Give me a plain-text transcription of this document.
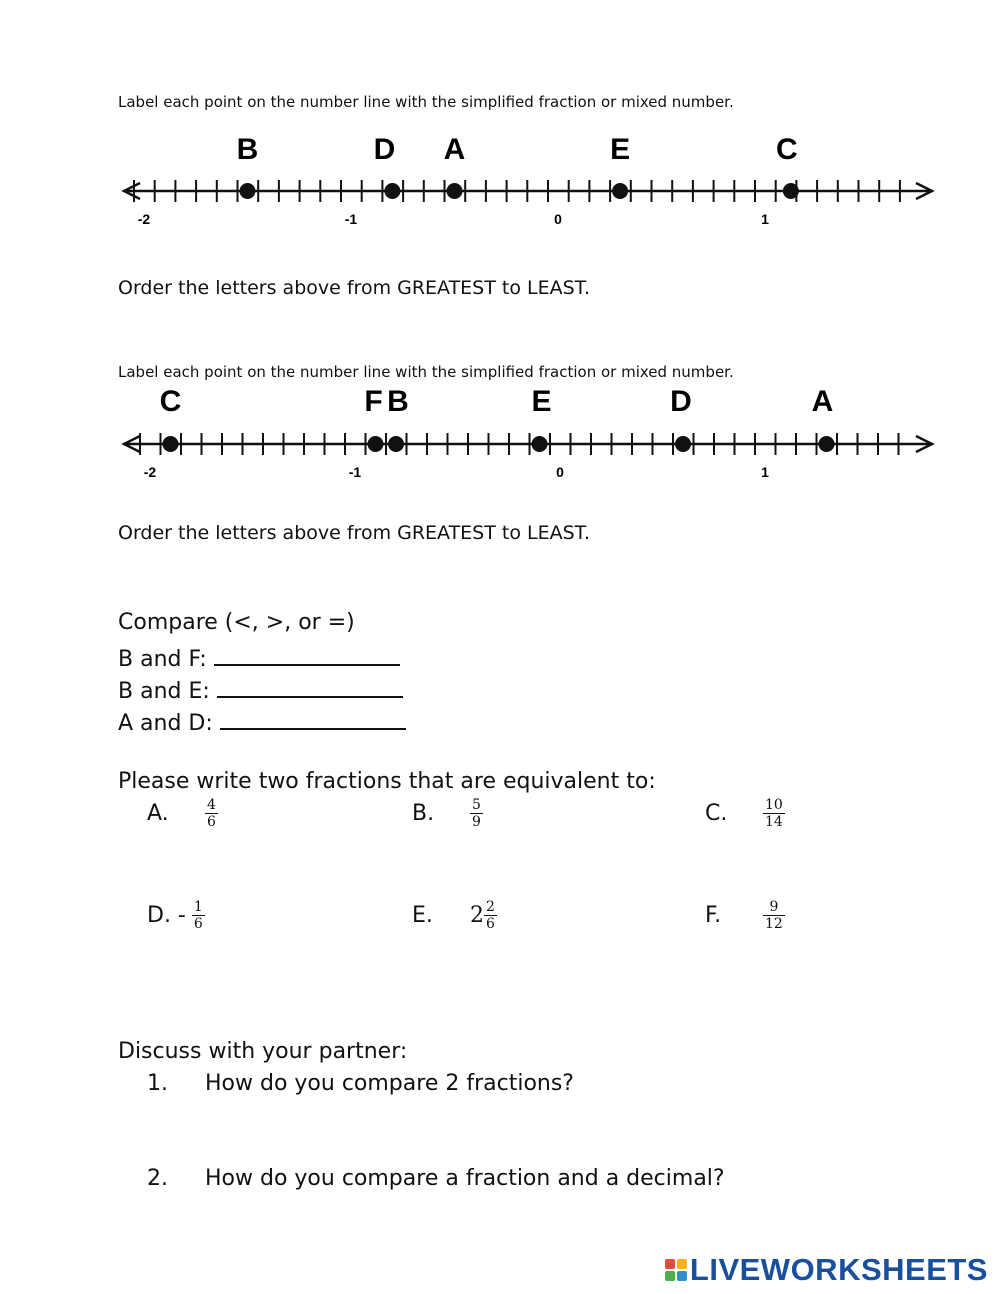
Label each point on the number line with the simplified fraction or mixed number.
-2	-1	0	1
B	D A	E	C
Order the letters above from GREATEST to LEAST.
Label each point on the number line with the simplified fraction or mixed number.
-2	-1	0	1
C	F B	E	D	A
Order the letters above from GREATEST to LEAST.
Compare (<, >, or =)
B and F:
B and E:
A and D:
Please write two fractions that are equivalent to:
A.	$\frac{4}{6}$	B.	$\frac{5}{9}$	C.	$\frac{10}{14}$
D. - $\frac{1}{6}$	E.	$2 \frac{2}{6}$	F.	$\frac{9}{12}$
Discuss with your partner:
1. How do you compare 2 fractions?
2. How do you compare a fraction and a decimal?
LIVEWORKSHEETS
